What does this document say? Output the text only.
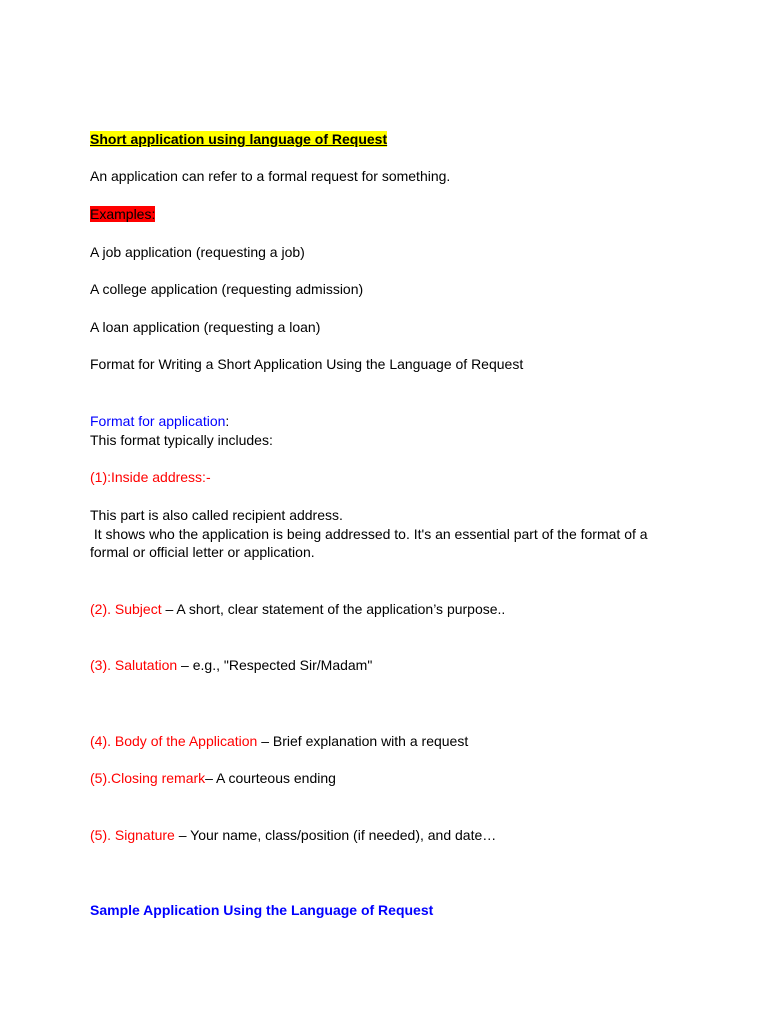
Short application using language of Request
An application can refer to a formal request for something.
Examples:
A job application (requesting a job)
A college application (requesting admission)
A loan application (requesting a loan)
Format for Writing a Short Application Using the Language of Request
Format for application:
This format typically includes:
(1):Inside address:-
This part is also called recipient address.
It shows who the application is being addressed to. It's an essential part of the format of a
formal or official letter or application.
(2). Subject – A short, clear statement of the application’s purpose..
(3). Salutation – e.g., "Respected Sir/Madam"
(4). Body of the Application – Brief explanation with a request
(5).Closing remark– A courteous ending
(5). Signature – Your name, class/position (if needed), and date…
Sample Application Using the Language of Request
